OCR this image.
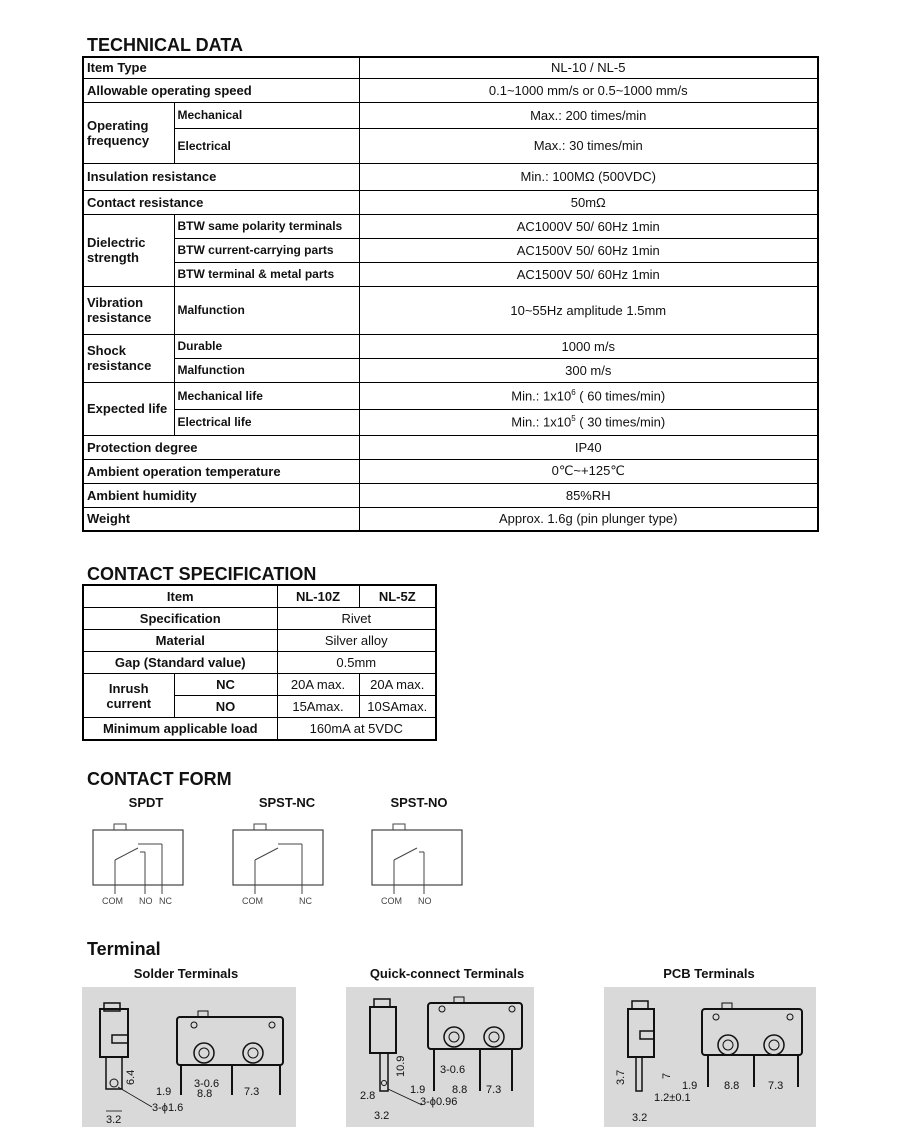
TECHNICAL DATA
Item Type		NL-10 / NL-5
Allowable operating speed		0.1~1000 mm/s or 0.5~1000 mm/s
Operating frequency	Mechanical	Max.: 200 times/min
	Electrical	Max.: 30 times/min
Insulation resistance		Min.: 100MΩ (500VDC)
Contact resistance		50mΩ
Dielectric strength	BTW same polarity terminals	AC1000V 50/ 60Hz 1min
	BTW current-carrying parts	AC1500V 50/ 60Hz 1min
	BTW terminal & metal parts	AC1500V 50/ 60Hz 1min
Vibration resistance	Malfunction	10~55Hz amplitude 1.5mm
Shock resistance	Durable	1000 m/s
	Malfunction	300 m/s
Expected life	Mechanical life	Min.: $1x10^6$ ( 60 times/min)
	Electrical life	Min.: $1x10^5$ ( 30 times/min)
Protection degree		IP40
Ambient operation temperature		0℃~+125℃
Ambient humidity		85%RH
Weight		Approx. 1.6g (pin plunger type)
CONTACT SPECIFICATION
Item		NL-10Z	NL-5Z
Specification		Rivet	
Material		Silver alloy	
Gap (Standard value)		0.5mm	
Inrush current	NC	20A max.	20A max.
	NO	15Amax.	10SAmax.
Minimum applicable load		160mA at 5VDC	
CONTACT FORM
SPDT	SPST-NC	SPST-NO
COM NO NC	COM	NC	COM NO
Terminal
Solder Terminals	Quick-connect Terminals	PCB Terminals
6.4
1.9
3-0.6
8.8	7.3
3.2
3-ϕ1.6
10.9	3-0.6
1.9 8.8 7.3
2.8	3-ϕ0.96
3.2
3.7	7
1.9 8.8	7.3
1.2±0.1
3.2
